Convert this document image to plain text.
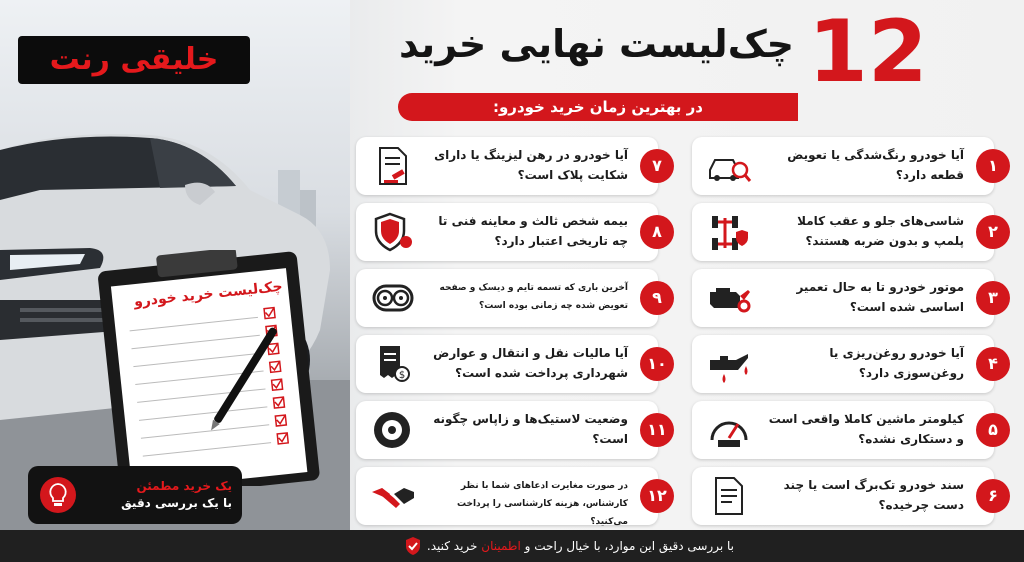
خلیقی رنت
چک‌لیست خرید خودرو
یک خرید مطمئن
با یک بررسی دقیق
12
چک‌لیست نهایی خرید
در بهترین زمان خرید خودرو:
۱
آیا خودرو رنگ‌شدگی یا تعویض قطعه دارد؟
۲
شاسی‌های جلو و عقب کاملا پلمپ و بدون ضربه هستند؟
۳
موتور خودرو تا به حال تعمیر اساسی شده است؟
۴
آیا خودرو روغن‌ریزی یا روغن‌سوزی دارد؟
۵
کیلومتر ماشین کاملا واقعی است و دستکاری نشده؟
۶
سند خودرو تک‌برگ است یا چند دست چرخیده؟
۷
آیا خودرو در رهن لیزینگ یا دارای شکایت پلاک است؟
۸
بیمه شخص ثالث و معاینه فنی تا چه تاریخی اعتبار دارد؟
۹
آخرین باری که تسمه تایم و دیسک و صفحه تعویض شده چه زمانی بوده است؟
۱۰
آیا مالیات نقل و انتقال و عوارض شهرداری پرداخت شده است؟
$
۱۱
وضعیت لاستیک‌ها و زاپاس چگونه است؟
۱۲
در صورت مغایرت ادعاهای شما با نظر کارشناس، هزینه کارشناسی را پرداخت می‌کنید؟
با بررسی دقیق این موارد، با خیال راحت و اطمینان خرید کنید.
